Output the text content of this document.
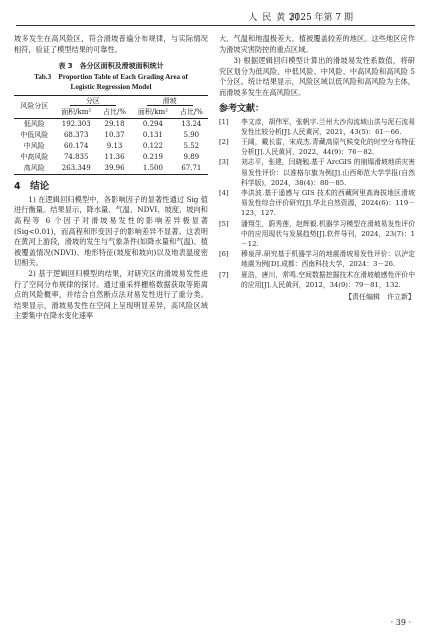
人 民 黄 河
2025 年第 7 期

坡多发生在高风险区，符合滑坡普遍分布规律，与实际情况相符，验证了模型结果的可靠性。

表 3　各分区面积及滑坡面积统计
Tab.3　Proportion Table of Each Grading Area of
Logistic Regression Model
风险分区	分区		滑坡	
	面积/km²	占比/%	面积/km²	占比/%
低风险	192.303	29.18	0.294	13.24
中低风险	68.373	10.37	0.131	5.90
中风险	60.174	9.13	0.122	5.52
中高风险	74.835	11.36	0.219	9.89
高风险	263.349	39.96	1.500	67.71
4　结论

1) 在逻辑回归模型中，各影响因子的显著性通过 Sig 值进行衡量。结果显示，降水量、气温、NDVI、坡度、坡向和高程等 6 个因子对滑坡易发性的影响差异极显著(Sig<0.01)，而高程和形变因子的影响差异不显著。这表明在黄河上游段，滑坡的发生与气象条件(如降水量和气温)、植被覆盖情况(NDVI)、地形特征(坡度和坡向)以及地表温度密切相关。

2) 基于逻辑回归模型的结果，对研究区的滑坡易发性进行了空间分布规律的探讨。通过重采样栅格数据获取等距离点的风险概率，并结合自然断点法对易发性进行了重分类。结果显示，滑坡易发性在空间上呈现明显差异，高风险区域主要集中在降水变化速率

大、气温和地温极差大、植被覆盖较差的地区。这些地区应作为滑坡灾害防控的重点区域。

3) 根据逻辑回归模型计算出的滑坡易发性系数值，将研究区划分为低风险、中低风险、中风险、中高风险和高风险 5 个分区。统计结果显示，风险区域以低风险和高风险为主体，而滑坡多发生在高风险区。

参考文献：
[1]	李文彦，胡伟军，张帆宇.兰州大沙沟流域山洪与泥石流易发性比较分析[J].人民黄河，2021，43(5)：61－66.
[2]	王阔，戴长雷，宋成杰.青藏高原气候变化的时空分布特征分析[J].人民黄河，2022，44(9)：76－82.
[3]	刘志平，张建，闫晓勉.基于 ArcGIS 的崩塌滑坡地质灾害易发性评价：以准格尔旗为例[J].山西师范大学学报(自然科学版)，2024，38(4)：80－85.
[4]	李洪波.基于遥感与 GIS 技术的西藏阿里高海拔地区滑坡易发性综合评价研究[J].华北自然资源，2024(6)：119－123，127.
[5]	潘翔生，蔚秀莲，赵辉毅.机器学习模型在滑坡易发性评价中的应用现状与发展趋势[J].软件导刊，2024，23(7)：1－12.
[6]	穆泉萍.研究基于机器学习的地震滑坡易发性评价：以泸定地震为例[D].成都：西南科技大学，2024：3－26.
[7]	夏浩，唐川，常鸣.空间数据挖掘技术在滑坡敏感性评价中的应用[J].人民黄河，2012，34(9)：79－81，132.
【责任编辑　许立新】
· 39 ·
